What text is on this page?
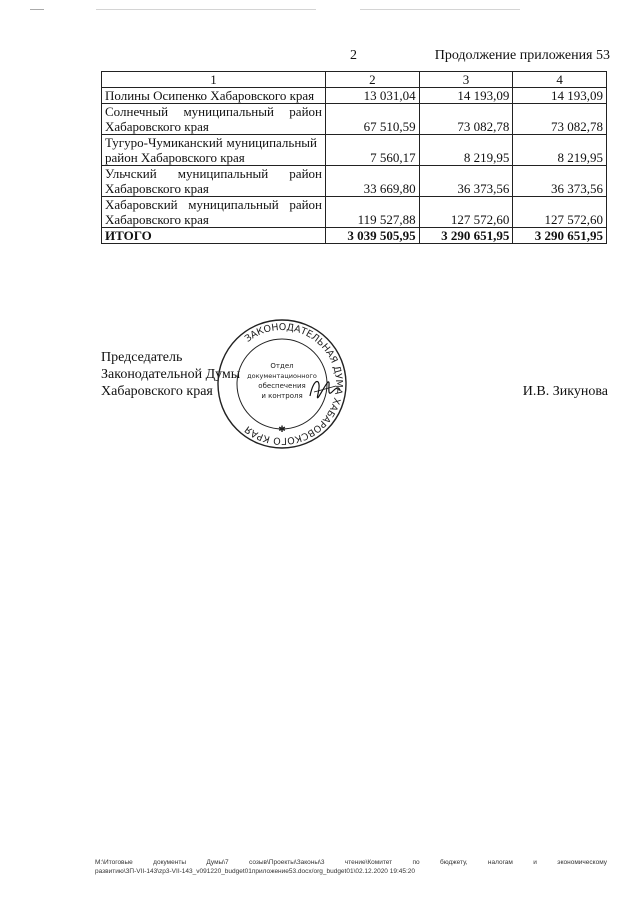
2	Продолжение приложения 53
1	2	3	4
Полины Осипенко Хабаровского края	13 031,04	14 193,09	14 193,09
Солнечный муниципальный район Хабаровского края	67 510,59	73 082,78	73 082,78
Тугуро-Чумиканский муниципальный район Хабаровского края	7 560,17	8 219,95	8 219,95
Ульчский муниципальный район Хабаровского края	33 669,80	36 373,56	36 373,56
Хабаровский муниципальный район Хабаровского края	119 527,88	127 572,60	127 572,60
ИТОГО	3 039 505,95	3 290 651,95	3 290 651,95
Председатель
Законодательной Думы
Хабаровского края	И.В. Зикунова
ЗАКОНОДАТЕЛЬНАЯ ДУМА ХАБАРОВСКОГО КРАЯ
Отдел
документационного
обеспечения
и контроля
✱
M:\Итоговые документы Думы\7 созыв\Проекты\Законы\3 чтение\Комитет по бюджету, налогам и экономическому
развитию\ЗП-VII-143\zp3-VII-143_v091220_budget01приложение53.docx/org_budget01\02.12.2020 19:45:20
